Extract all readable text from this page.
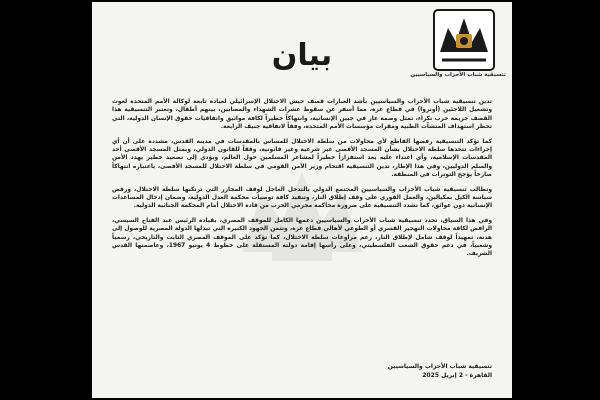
تنسيقية شباب الأحزاب والسياسيين
بيان

تدين تنسيقية شباب الأحزاب والسياسيين بأشد العبارات قصف جيش الاحتلال الإسرائيلي لعيادة تابعة لوكالة الأمم المتحدة لغوث وتشغيل اللاجئين (أونروا) في قطاع غزة، مما أسفر عن سقوط عشرات الشهداء والمصابين، بينهم أطفال، وتعتبر التنسيقية هذا القصف جريمة حرب نكراء، تمثل وصمة عار في جبين الإنسانية، وانتهاكاً خطيراً لكافة مواثيق واتفاقيات حقوق الإنسان الدولية، التي تحظر استهداف المنشآت الطبية ومقرات مؤسسات الأمم المتحدة، وفقاً لاتفاقية جنيف الرابعة.

كما تؤكد التنسيقية رفضها القاطع لأي محاولات من سلطة الاحتلال للمساس بالمقدسات في مدينة القدس، مشددة على أن أي إجراءات تتخذها سلطة الاحتلال بشأن المسجد الأقصى غير شرعية وغير قانونية، وفقاً للقانون الدولي، ويمثل المسجد الأقصى أحد المقدسات الإسلامية، وأي اعتداء عليه يعد استفزازاً خطيراً لمشاعر المسلمين حول العالم، ويؤدي إلى تصعيد خطير يهدد الأمن والسلم الدوليين، وفي هذا الإطار، تدين التنسيقية اقتحام وزير الأمن القومي في سلطة الاحتلال للمسجد الأقصى، باعتباره انتهاكاً صارخاً يؤجج التوترات في المنطقة.

وتطالب تنسيقية شباب الأحزاب والسياسيين المجتمع الدولي بالتدخل العاجل لوقف المجازر التي ترتكبها سلطة الاحتلال، ورفض سياسة الكيل بمكيالين، والعمل الفوري على وقف إطلاق النار، وتنفيذ كافة توصيات محكمة العدل الدولية، وضمان إدخال المساعدات الإنسانية دون عوائق، كما تشدد التنسيقية على ضرورة محاكمة مجرمي الحرب من قادة الاحتلال أمام المحكمة الجنائية الدولية.

وفي هذا السياق، تجدد تنسيقية شباب الأحزاب والسياسيين دعمها الكامل للموقف المصري، بقيادة الرئيس عبد الفتاح السيسي، الرافض لكافة محاولات التهجير القسري أو الطوعي لأهالي قطاع غزة، وتثمن الجهود الكبيرة التي تبذلها الدولة المصرية للوصول إلى هدنة، تمهيداً لوقف شامل لإطلاق النار، رغم مراوغات سلطة الاحتلال، كما تؤكد على الموقف المصري الثابت والتاريخي، رسمياً وشعبياً، في دعم حقوق الشعب الفلسطيني، وعلى رأسها إقامة دولته المستقلة على خطوط 4 يونيو 1967، وعاصمتها القدس الشريف.

تنسيقية شباب الأحزاب والسياسيين
القاهرة - 2 إبريل 2025
